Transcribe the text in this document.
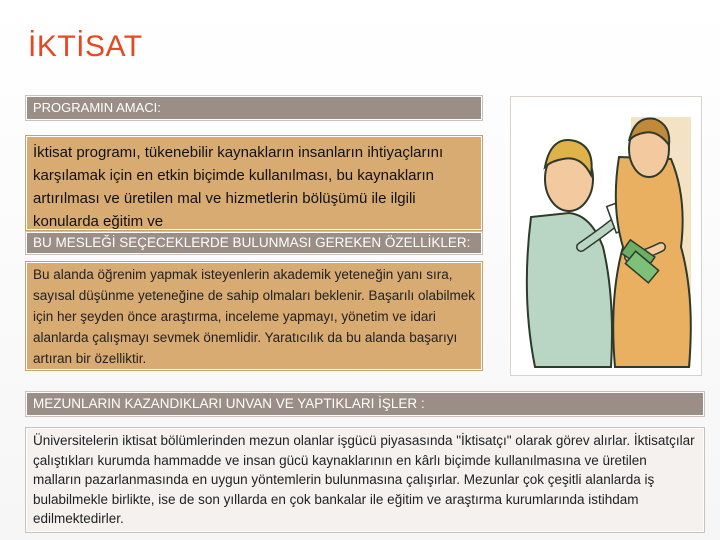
İKTİSAT
PROGRAMIN AMACI:
İktisat programı, tükenebilir kaynakların insanların ihtiyaçlarını karşılamak için en etkin biçimde kullanılması, bu kaynakların artırılması ve üretilen mal ve hizmetlerin bölüşümü ile ilgili konularda eğitim ve
BU MESLEĞİ SEÇECEKLERDE BULUNMASI GEREKEN ÖZELLİKLER:
Bu alanda öğrenim yapmak isteyenlerin akademik yeteneğin yanı sıra, sayısal düşünme yeteneğine de sahip olmaları beklenir. Başarılı olabilmek için her şeyden önce araştırma, inceleme yapmayı, yönetim ve idari alanlarda çalışmayı sevmek önemlidir. Yaratıcılık da bu alanda başarıyı artıran bir özelliktir.
MEZUNLARIN KAZANDIKLARI UNVAN VE YAPTIKLARI İŞLER :
Üniversitelerin iktisat bölümlerinden mezun olanlar işgücü piyasasında "İktisatçı" olarak görev alırlar. İktisatçılar çalıştıkları kurumda hammadde ve insan gücü kaynaklarının en kârlı biçimde kullanılmasına ve üretilen malların pazarlanmasında en uygun yöntemlerin bulunmasına çalışırlar. Mezunlar çok çeşitli alanlarda iş bulabilmekle birlikte, ise de son yıllarda en çok bankalar ile eğitim ve araştırma kurumlarında istihdam edilmektedirler.
